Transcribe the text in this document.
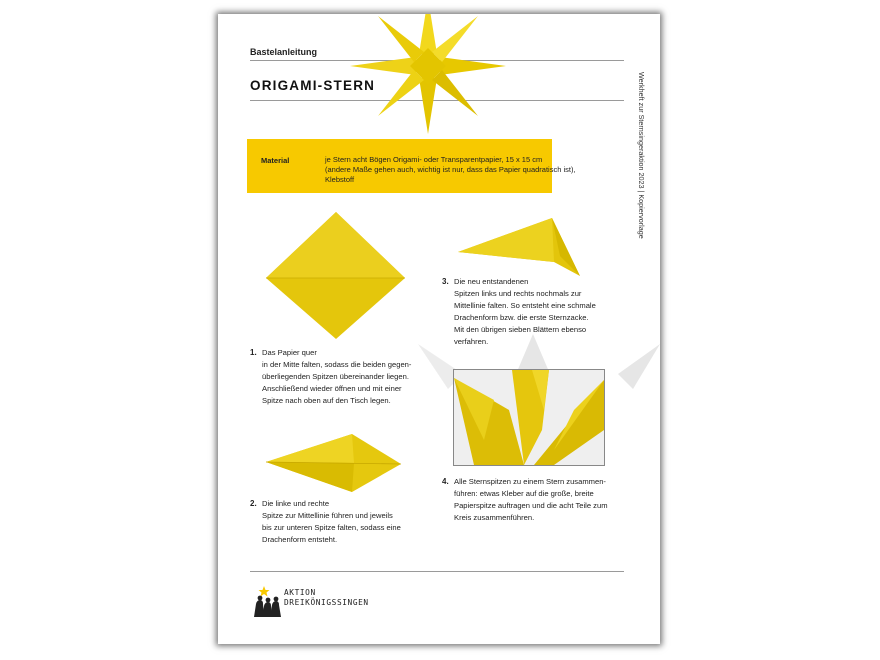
Bastelanleitung
ORIGAMI-STERN	Werkheft zur Sternsingeraktion 2023 | Kopiervorlage
Material	je Stern acht Bögen Origami- oder Transparentpapier, 15 x 15 cm
(andere Maße gehen auch, wichtig ist nur, dass das Papier quadratisch ist),
Klebstoff
1. Das Papier quer
in der Mitte falten, sodass die beiden gegen-
überliegenden Spitzen übereinander liegen.
Anschließend wieder öffnen und mit einer
Spitze nach oben auf den Tisch legen.
2. Die linke und rechte
Spitze zur Mittellinie führen und jeweils
bis zur unteren Spitze falten, sodass eine
Drachenform entsteht.
3. Die neu entstandenen
Spitzen links und rechts nochmals zur
Mittellinie falten. So entsteht eine schmale
Drachenform bzw. die erste Sternzacke.
Mit den übrigen sieben Blättern ebenso
verfahren.
4. Alle Sternspitzen zu einem Stern zusammen-
führen: etwas Kleber auf die große, breite
Papierspitze auftragen und die acht Teile zum
Kreis zusammenführen.
AKTION
DREIKÖNIGSSINGEN
